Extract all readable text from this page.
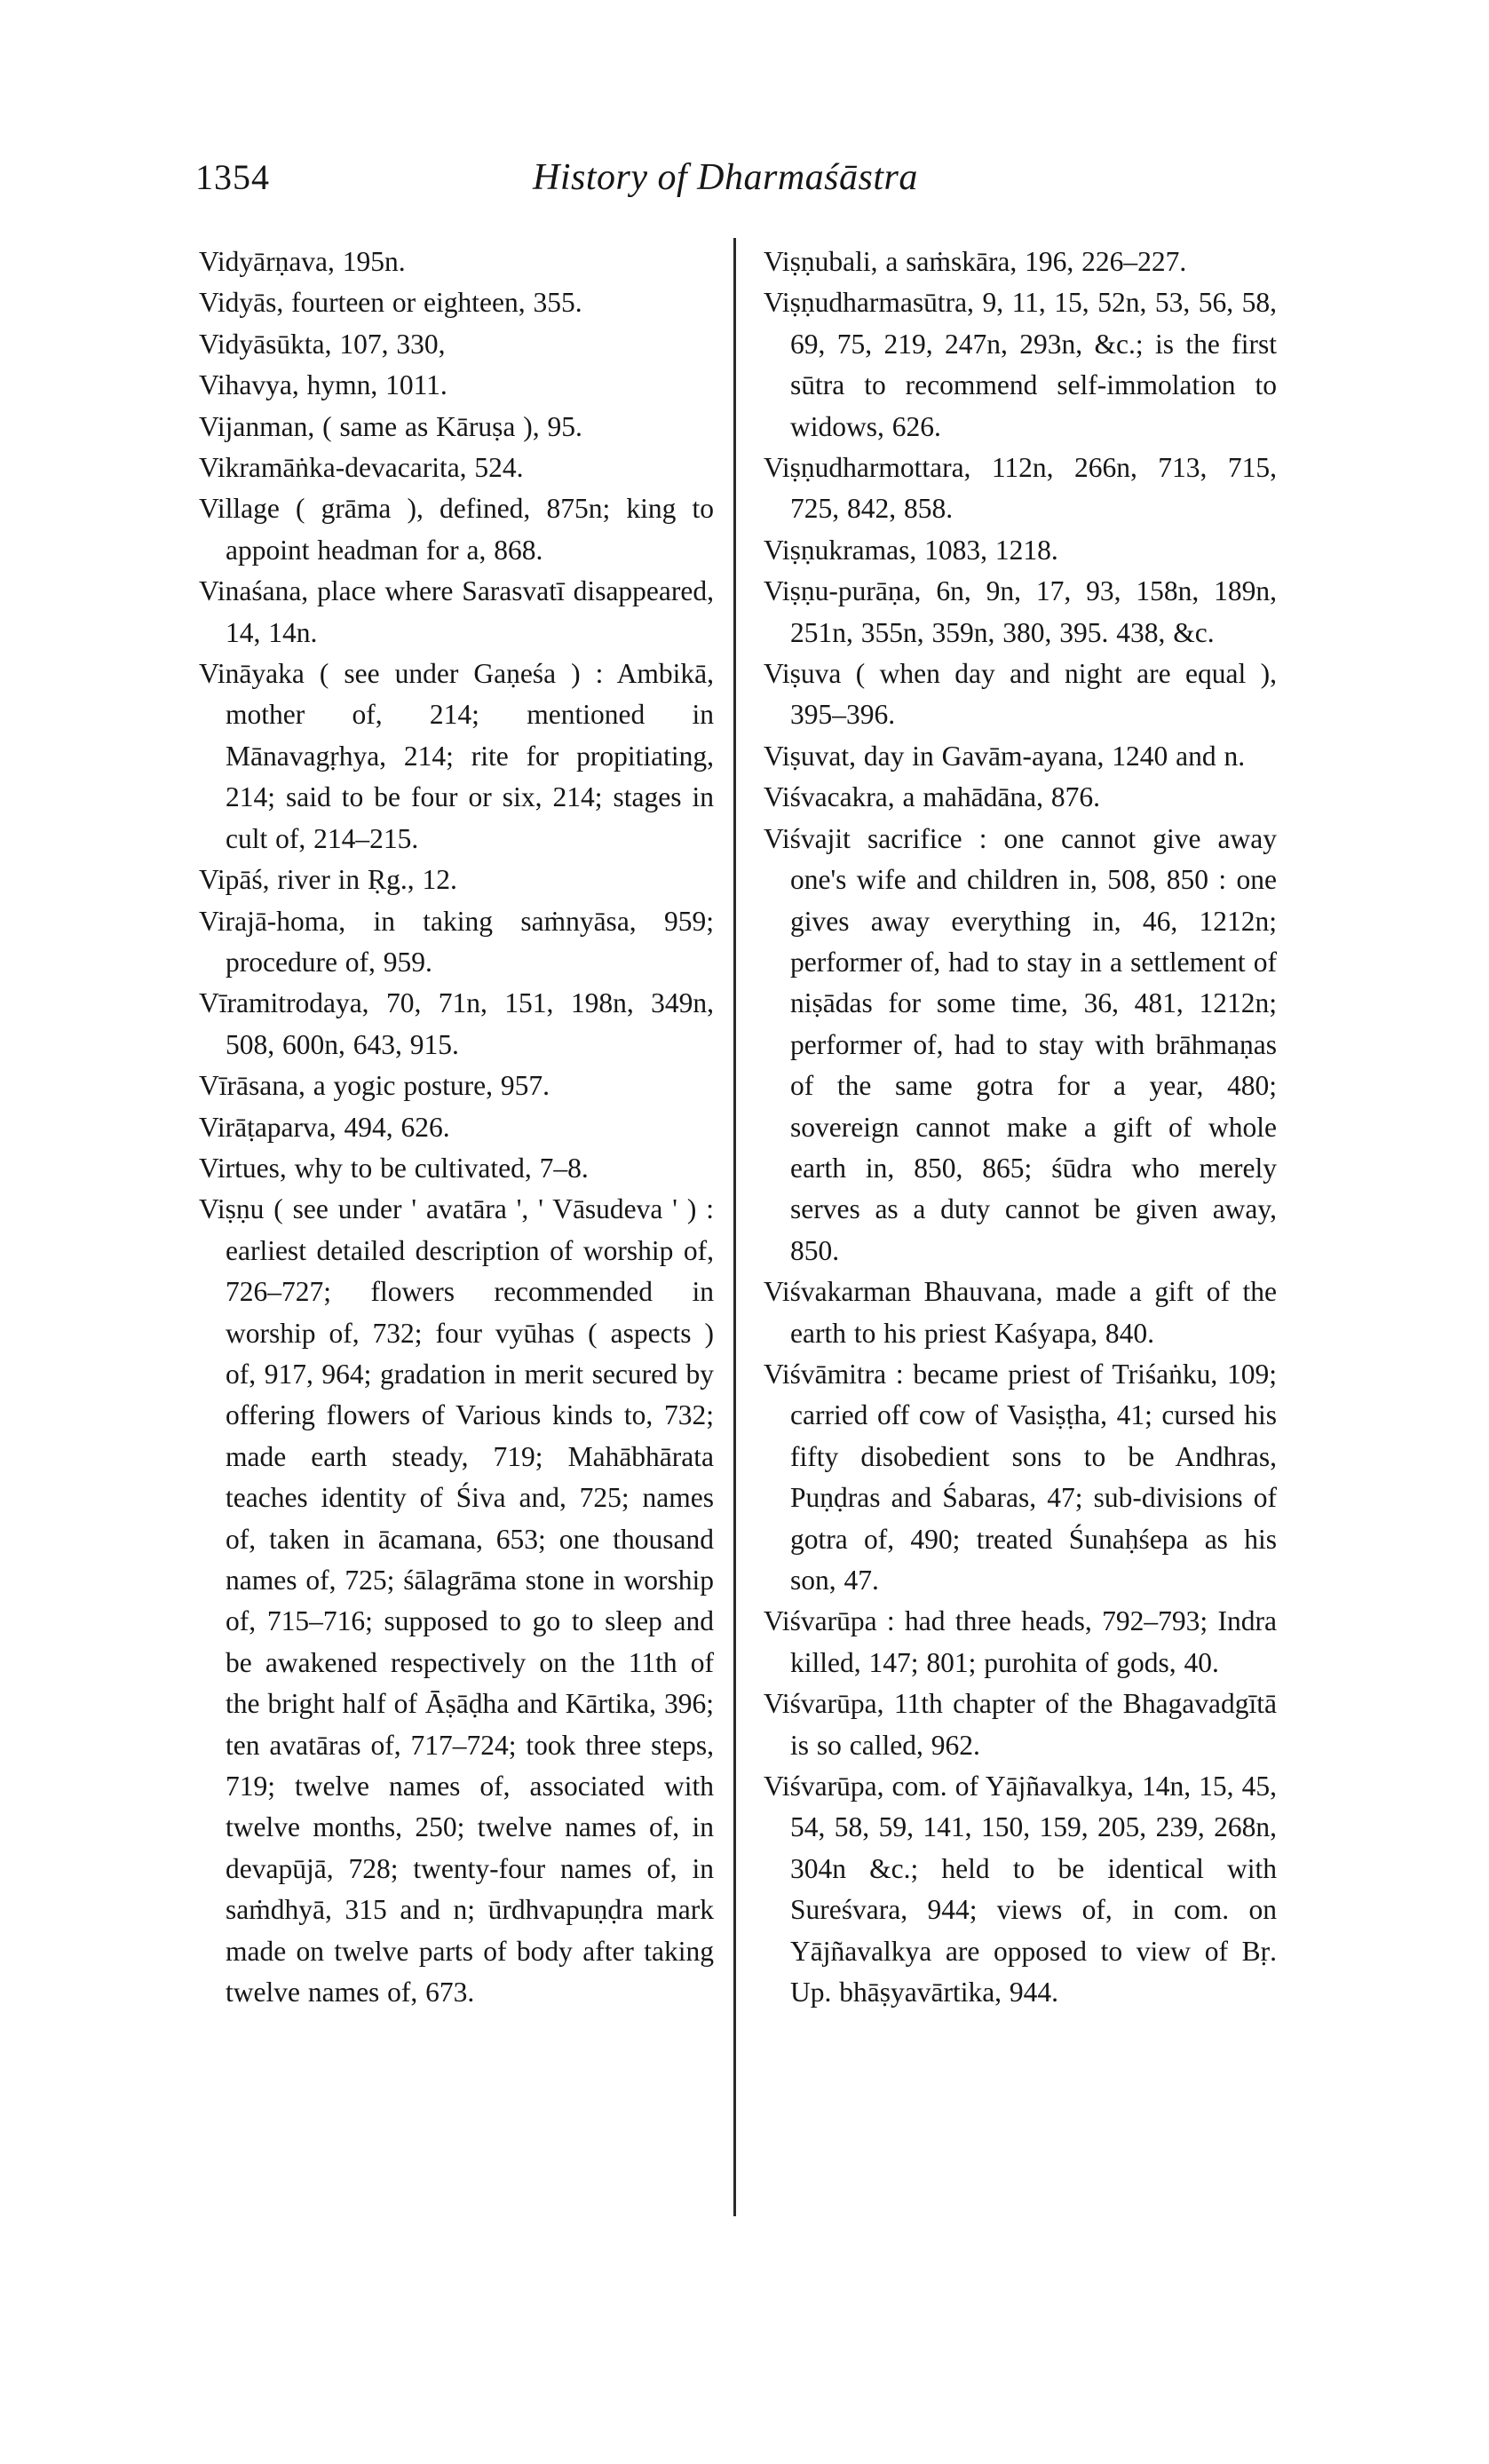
1354	History of Dharmaśāstra
Vidyārṇava, 195n.
Vidyās, fourteen or eighteen, 355.
Vidyāsūkta, 107, 330,
Vihavya, hymn, 1011.
Vijanman, ( same as Kāruṣa ), 95.
Vikramāṅka-devacarita, 524.
Village ( grāma ), defined, 875n; king to appoint headman for a, 868.
Vinaśana, place where Sarasvatī disappeared, 14, 14n.
Vināyaka ( see under Gaṇeśa ) : Ambikā, mother of, 214; mentioned in Mānavagṛhya, 214; rite for propitiating, 214; said to be four or six, 214; stages in cult of, 214–215.
Vipāś, river in Ṛg., 12.
Virajā-homa, in taking saṁnyāsa, 959; procedure of, 959.
Vīramitrodaya, 70, 71n, 151, 198n, 349n, 508, 600n, 643, 915.
Vīrāsana, a yogic posture, 957.
Virāṭaparva, 494, 626.
Virtues, why to be cultivated, 7–8.
Viṣṇu ( see under ' avatāra ', ' Vāsudeva ' ) : earliest detailed description of worship of, 726–727; flowers recommended in worship of, 732; four vyūhas ( aspects ) of, 917, 964; gradation in merit secured by offering flowers of Various kinds to, 732; made earth steady, 719; Mahābhārata teaches identity of Śiva and, 725; names of, taken in ācamana, 653; one thousand names of, 725; śālagrāma stone in worship of, 715–716; supposed to go to sleep and be awakened respectively on the 11th of the bright half of Āṣāḍha and Kārtika, 396; ten avatāras of, 717–724; took three steps, 719; twelve names of, associated with twelve months, 250; twelve names of, in devapūjā, 728; twenty-four names of, in saṁdhyā, 315 and n; ūrdhvapuṇḍra mark made on twelve parts of body after taking twelve names of, 673.
Viṣṇubali, a saṁskāra, 196, 226–227.
Viṣṇudharmasūtra, 9, 11, 15, 52n, 53, 56, 58, 69, 75, 219, 247n, 293n, &c.; is the first sūtra to recommend self-immolation to widows, 626.
Viṣṇudharmottara, 112n, 266n, 713, 715, 725, 842, 858.
Viṣṇukramas, 1083, 1218.
Viṣṇu-purāṇa, 6n, 9n, 17, 93, 158n, 189n, 251n, 355n, 359n, 380, 395. 438, &c.
Viṣuva ( when day and night are equal ), 395–396.
Viṣuvat, day in Gavām-ayana, 1240 and n.
Viśvacakra, a mahādāna, 876.
Viśvajit sacrifice : one cannot give away one's wife and children in, 508, 850 : one gives away everything in, 46, 1212n; performer of, had to stay in a settlement of niṣādas for some time, 36, 481, 1212n; performer of, had to stay with brāhmaṇas of the same gotra for a year, 480; sovereign cannot make a gift of whole earth in, 850, 865; śūdra who merely serves as a duty cannot be given away, 850.
Viśvakarman Bhauvana, made a gift of the earth to his priest Kaśyapa, 840.
Viśvāmitra : became priest of Triśaṅku, 109; carried off cow of Vasiṣṭha, 41; cursed his fifty disobedient sons to be Andhras, Puṇḍras and Śabaras, 47; sub-divisions of gotra of, 490; treated Śunaḥśepa as his son, 47.
Viśvarūpa : had three heads, 792–793; Indra killed, 147; 801; purohita of gods, 40.
Viśvarūpa, 11th chapter of the Bhagavadgītā is so called, 962.
Viśvarūpa, com. of Yājñavalkya, 14n, 15, 45, 54, 58, 59, 141, 150, 159, 205, 239, 268n, 304n &c.; held to be identical with Sureśvara, 944; views of, in com. on Yājñavalkya are opposed to view of Bṛ. Up. bhāṣyavārtika, 944.
